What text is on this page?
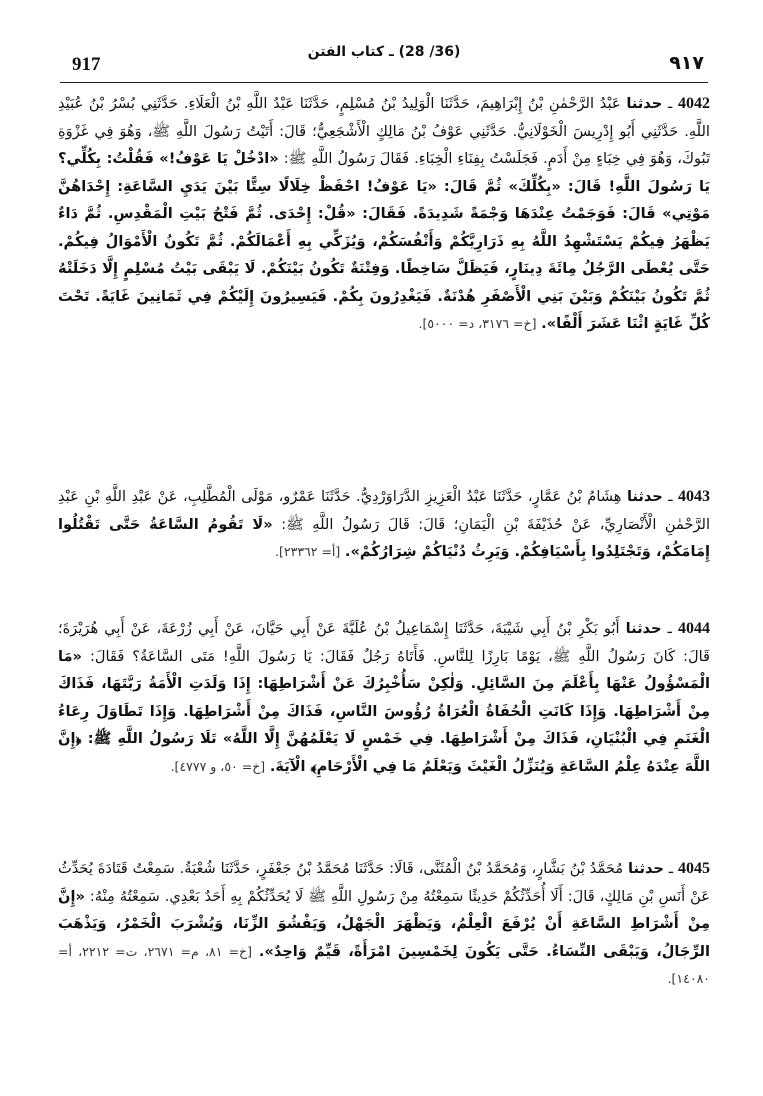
917
(36/ 28) ـ كتاب الفتن	٩١٧
4042 ـ حدثنا عَبْدُ الرَّحْمٰنِ بْنُ إِبْرَاهِيمَ، حَدَّثَنَا الْوَلِيدُ بْنُ مُسْلِمٍ، حَدَّثَنَا عَبْدُ اللَّهِ بْنُ الْعَلَاءِ. حَدَّثَنِي بُسْرُ بْنُ عُبَيْدِ اللَّهِ. حَدَّثَنِي أَبُو إِدْرِيسَ الْخَوْلَانِيُّ. حَدَّثَنِي عَوْفُ بْنُ مَالِكٍ الْأَشْجَعِيُّ؛ قَالَ: أَتَيْتُ رَسُولَ اللَّهِ ﷺ، وَهُوَ فِي غَزْوَةِ تَبُوكَ، وَهُوَ فِي خِبَاءٍ مِنْ أَدَمٍ. فَجَلَسْتُ بِفِنَاءِ الْخِبَاءِ. فَقَالَ رَسُولُ اللَّهِ ﷺ: «ادْخُلْ يَا عَوْفُ!» فَقُلْتُ: بِكُلِّي؟ يَا رَسُولَ اللَّهِ! قَالَ: «بِكُلِّكَ» ثُمَّ قَالَ: «يَا عَوْفُ! احْفَظْ خِلَالًا سِتًّا بَيْنَ يَدَيِ السَّاعَةِ: إِحْدَاهُنَّ مَوْتِي» قَالَ: فَوَجَمْتُ عِنْدَهَا وَجْمَةً شَدِيدَةً. فَقَالَ: «قُلْ: إِحْدَى. ثُمَّ فَتْحُ بَيْتِ الْمَقْدِسِ. ثُمَّ دَاءٌ يَظْهَرُ فِيكُمْ يَسْتَشْهِدُ اللَّهُ بِهِ ذَرَارِيَّكُمْ وَأَنْفُسَكُمْ، وَيُزَكِّي بِهِ أَعْمَالَكُمْ. ثُمَّ تَكُونُ الْأَمْوَالُ فِيكُمْ. حَتَّى يُعْطَى الرَّجُلُ مِائَةَ دِينَارٍ، فَيَظَلَّ سَاخِطًا. وَفِتْنَةٌ تَكُونُ بَيْنَكُمْ. لَا يَبْقَى بَيْتُ مُسْلِمٍ إِلَّا دَخَلَتْهُ ثُمَّ تَكُونُ بَيْنَكُمْ وَبَيْنَ بَنِي الْأَصْفَرِ هُدْنَةٌ. فَيَغْدِرُونَ بِكُمْ. فَيَسِيرُونَ إِلَيْكُمْ فِي ثَمَانِينَ غَايَةً. تَحْتَ كُلِّ غَايَةٍ اثْنَا عَشَرَ أَلْفًا». [خ= ٣١٧٦، د= ٥٠٠٠].
4043 ـ حدثنا هِشَامُ بْنُ عَمَّارٍ، حَدَّثَنَا عَبْدُ الْعَزِيزِ الدَّرَاوَرْدِيُّ. حَدَّثَنَا عَمْرٌو، مَوْلَى الْمُطَّلِبِ، عَنْ عَبْدِ اللَّهِ بْنِ عَبْدِ الرَّحْمٰنِ الْأَنْصَارِيِّ، عَنْ حُذَيْفَةَ بْنِ الْيَمَانِ؛ قَالَ: قَالَ رَسُولُ اللَّهِ ﷺ: «لَا تَقُومُ السَّاعَةُ حَتَّى تَقْتُلُوا إِمَامَكُمْ، وَتَجْتَلِدُوا بِأَسْيَافِكُمْ. وَيَرِثُ دُنْيَاكُمْ شِرَارُكُمْ». [أ= ٢٣٣٦٢].
4044 ـ حدثنا أَبُو بَكْرِ بْنُ أَبِي شَيْبَةَ، حَدَّثَنَا إِسْمَاعِيلُ بْنُ عُلَيَّةَ عَنْ أَبِي حَيَّانَ، عَنْ أَبِي زُرْعَةَ، عَنْ أَبِي هُرَيْرَةَ؛ قَالَ: كَانَ رَسُولُ اللَّهِ ﷺ، يَوْمًا بَارِزًا لِلنَّاسِ. فَأَتَاهُ رَجُلٌ فَقَالَ: يَا رَسُولَ اللَّهِ! مَتَى السَّاعَةُ؟ فَقَالَ: «مَا الْمَسْؤُولُ عَنْهَا بِأَعْلَمَ مِنَ السَّائِلِ. وَلٰكِنْ سَأُخْبِرُكَ عَنْ أَشْرَاطِهَا: إِذَا وَلَدَتِ الْأَمَةُ رَبَّتَهَا، فَذَاكَ مِنْ أَشْرَاطِهَا. وَإِذَا كَانَتِ الْحُفَاةُ الْعُرَاةُ رُؤُوسَ النَّاسِ، فَذَاكَ مِنْ أَشْرَاطِهَا. وَإِذَا تَطَاوَلَ رِعَاءُ الْغَنَمِ فِي الْبُنْيَانِ، فَذَاكَ مِنْ أَشْرَاطِهَا. فِي خَمْسٍ لَا يَعْلَمُهُنَّ إِلَّا اللَّهُ» تَلَا رَسُولُ اللَّهِ ﷺ: ﴿إِنَّ اللَّهَ عِنْدَهُ عِلْمُ السَّاعَةِ وَيُنَزِّلُ الْغَيْثَ وَيَعْلَمُ مَا فِي الْأَرْحَامِ﴾ الْآيَةَ. [خ= ٥٠، و ٤٧٧٧].
4045 ـ حدثنا مُحَمَّدُ بْنُ بَشَّارٍ، وَمُحَمَّدُ بْنُ الْمُثَنَّى، قَالَا: حَدَّثَنَا مُحَمَّدُ بْنُ جَعْفَرٍ، حَدَّثَنَا شُعْبَةُ. سَمِعْتُ قَتَادَةَ يُحَدِّثُ عَنْ أَنَسِ بْنِ مَالِكٍ، قَالَ: أَلَا أُحَدِّثُكُمْ حَدِيثًا سَمِعْتُهُ مِنْ رَسُولِ اللَّهِ ﷺ لَا يُحَدِّثُكُمْ بِهِ أَحَدٌ بَعْدِي. سَمِعْتُهُ مِنْهُ: «إِنَّ مِنْ أَشْرَاطِ السَّاعَةِ أَنْ يُرْفَعَ الْعِلْمُ، وَيَظْهَرَ الْجَهْلُ، وَيَفْشُوَ الزِّنَا، وَيُشْرَبَ الْخَمْرُ، وَيَذْهَبَ الرِّجَالُ، وَيَبْقَى النِّسَاءُ. حَتَّى يَكُونَ لِخَمْسِينَ امْرَأَةً، قَيِّمٌ وَاحِدٌ». [خ= ٨١، م= ٢٦٧١، ت= ٢٢١٢، أ= ١٤٠٨٠].
